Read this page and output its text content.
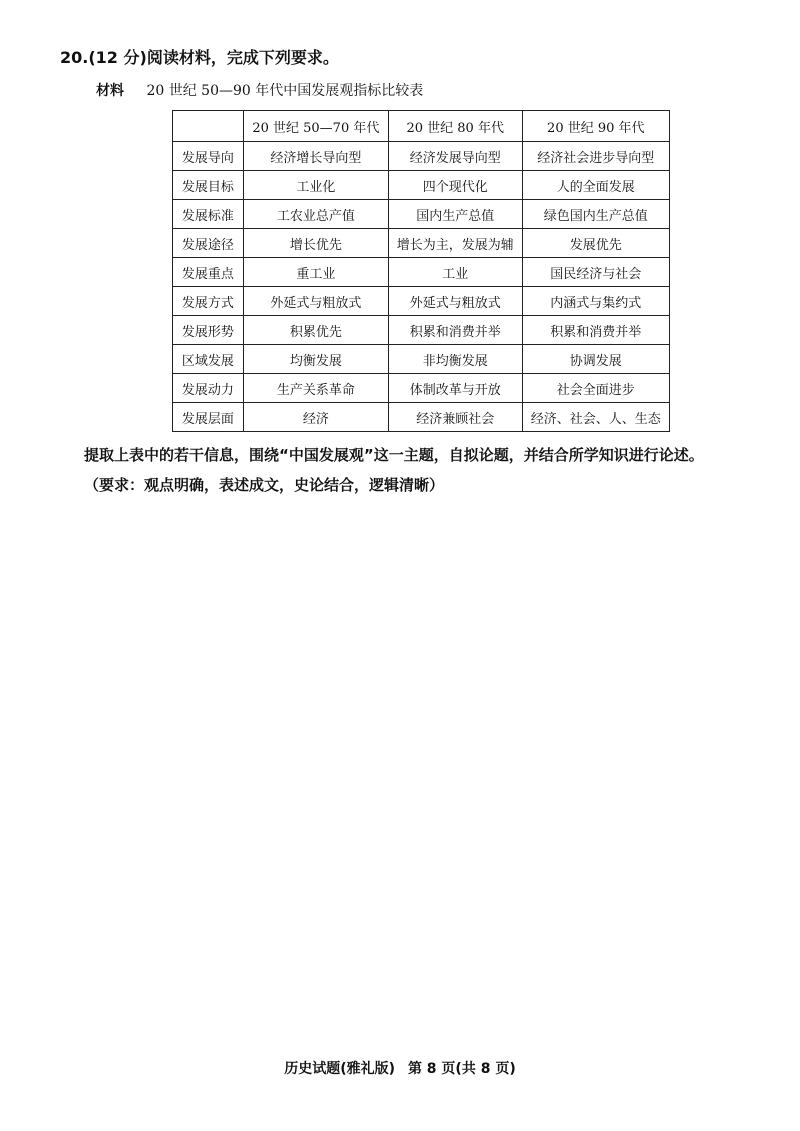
20.(12 分)阅读材料，完成下列要求。
材料 20 世纪 50—90 年代中国发展观指标比较表
	20 世纪 50—70 年代	20 世纪 80 年代	20 世纪 90 年代
发展导向	经济增长导向型	经济发展导向型	经济社会进步导向型
发展目标	工业化	四个现代化	人的全面发展
发展标准	工农业总产值	国内生产总值	绿色国内生产总值
发展途径	增长优先	增长为主，发展为辅	发展优先
发展重点	重工业	工业	国民经济与社会
发展方式	外延式与粗放式	外延式与粗放式	内涵式与集约式
发展形势	积累优先	积累和消费并举	积累和消费并举
区域发展	均衡发展	非均衡发展	协调发展
发展动力	生产关系革命	体制改革与开放	社会全面进步
发展层面	经济	经济兼顾社会	经济、社会、人、生态
提取上表中的若干信息，围绕“中国发展观”这一主题，自拟论题，并结合所学知识进行论述。
（要求：观点明确，表述成文，史论结合，逻辑清晰）
历史试题(雅礼版) 第 8 页(共 8 页)
